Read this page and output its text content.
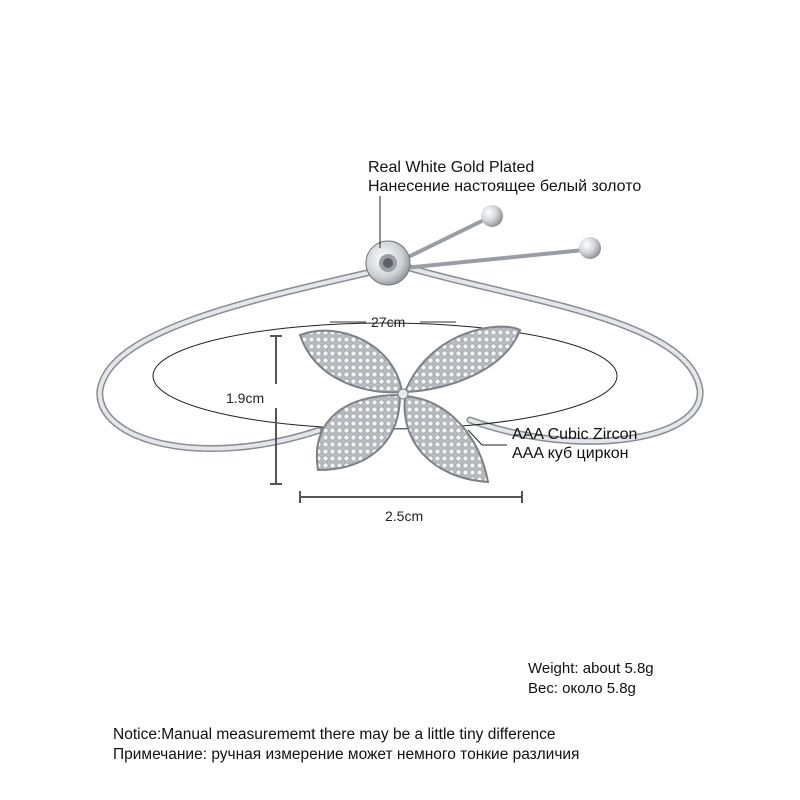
Real White Gold Plated
Нанесение настоящее белый золото
27cm
1.9cm
2.5cm
AAA Cubic Zircon
AAA куб циркон
Weight: about 5.8g
Вес: около 5.8g
Notice:Manual measurememt there may be a little tiny difference
Примечание: ручная измерение может немного тонкие различия
